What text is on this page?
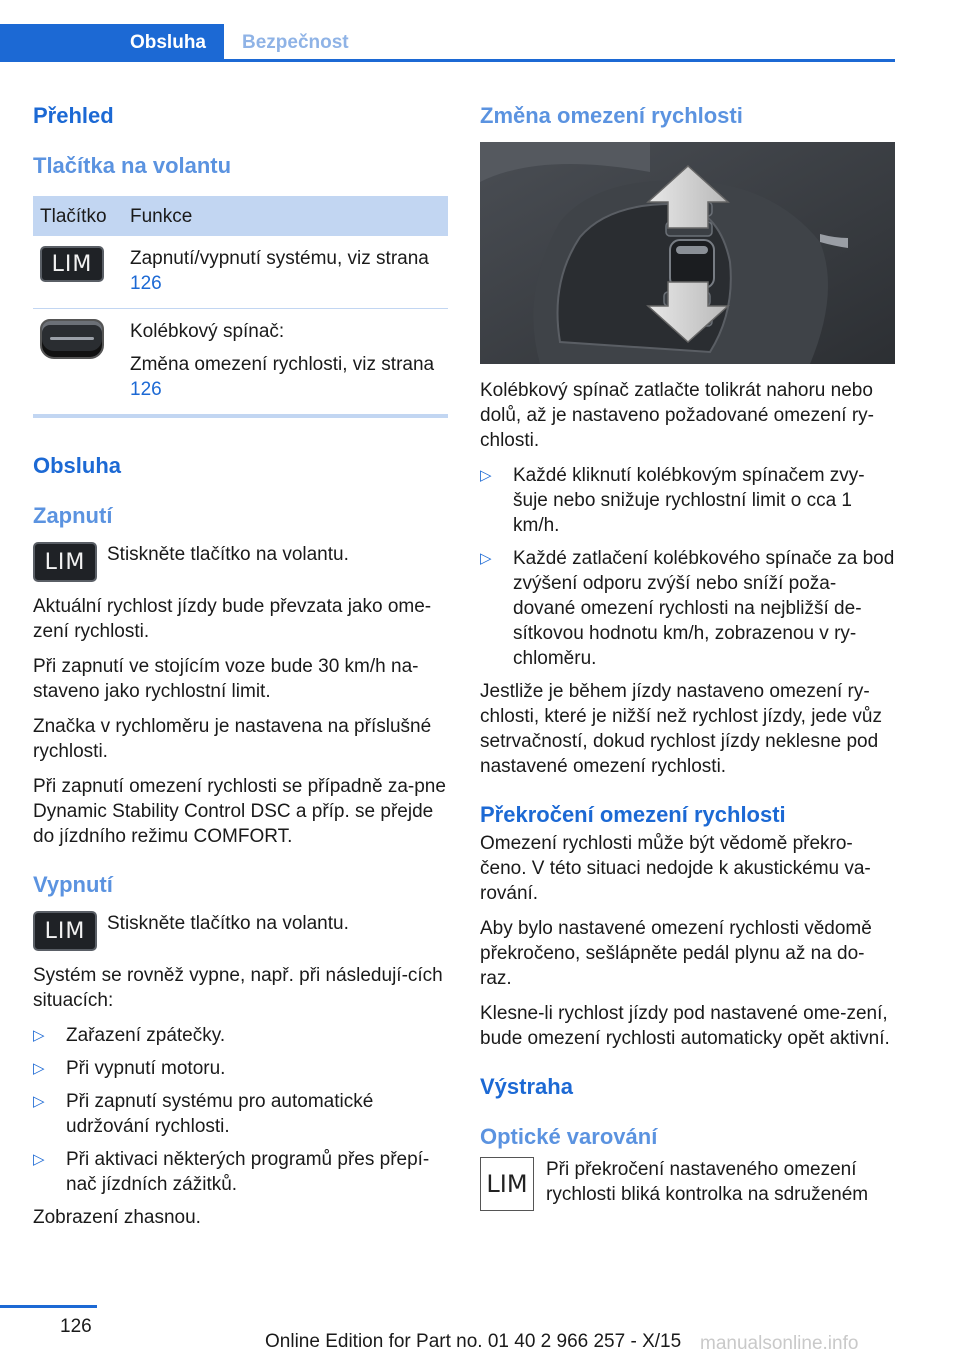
Obsluha Bezpečnost
Přehled
Tlačítka na volantu
Tlačítko	Funkce

LIM	Zapnutí/vypnutí systému, viz strana 126

	Kolébkový spínač:

Změna omezení rychlosti, viz strana 126

Obsluha
Zapnutí
LIM	Stiskněte tlačítko na volantu.

Aktuální rychlost jízdy bude převzata jako ome‐zení rychlosti.

Při zapnutí ve stojícím voze bude 30 km/h na‐staveno jako rychlostní limit.

Značka v rychloměru je nastavena na příslušné rychlosti.

Při zapnutí omezení rychlosti se případně za‐pne Dynamic Stability Control DSC a příp. se přejde do jízdního režimu COMFORT.

Vypnutí
LIM	Stiskněte tlačítko na volantu.

Systém se rovněž vypne, např. při následují‐cích situacích:

▷ Zařazení zpátečky.
▷ Při vypnutí motoru.
▷ Při zapnutí systému pro automatické udržování rychlosti.
▷ Při aktivaci některých programů přes přepí‐nač jízdních zážitků.

Zobrazení zhasnou.

Změna omezení rychlosti

Kolébkový spínač zatlačte tolikrát nahoru nebo dolů, až je nastaveno požadované omezení ry‐chlosti.

▷ Každé kliknutí kolébkovým spínačem zvy‐šuje nebo snižuje rychlostní limit o cca 1 km/h.
▷ Každé zatlačení kolébkového spínače za bod zvýšení odporu zvýší nebo sníží poža‐dované omezení rychlosti na nejbližší de‐sítkovou hodnotu km/h, zobrazenou v ry‐chloměru.

Jestliže je během jízdy nastaveno omezení ry‐chlosti, které je nižší než rychlost jízdy, jede vůz setrvačností, dokud rychlost jízdy neklesne pod nastavené omezení rychlosti.

Překročení omezení rychlosti

Omezení rychlosti může být vědomě překro‐čeno. V této situaci nedojde k akustickému va‐rování.

Aby bylo nastavené omezení rychlosti vědomě překročeno, sešlápněte pedál plynu až na do‐raz.

Klesne-li rychlost jízdy pod nastavené ome‐zení, bude omezení rychlosti automaticky opět aktivní.

Výstraha
Optické varování
LIM Při překročení nastaveného omezení rychlosti bliká kontrolka na sdruženém
126
Online Edition for Part no. 01 40 2 966 257 - X/15 manualsonline.info
